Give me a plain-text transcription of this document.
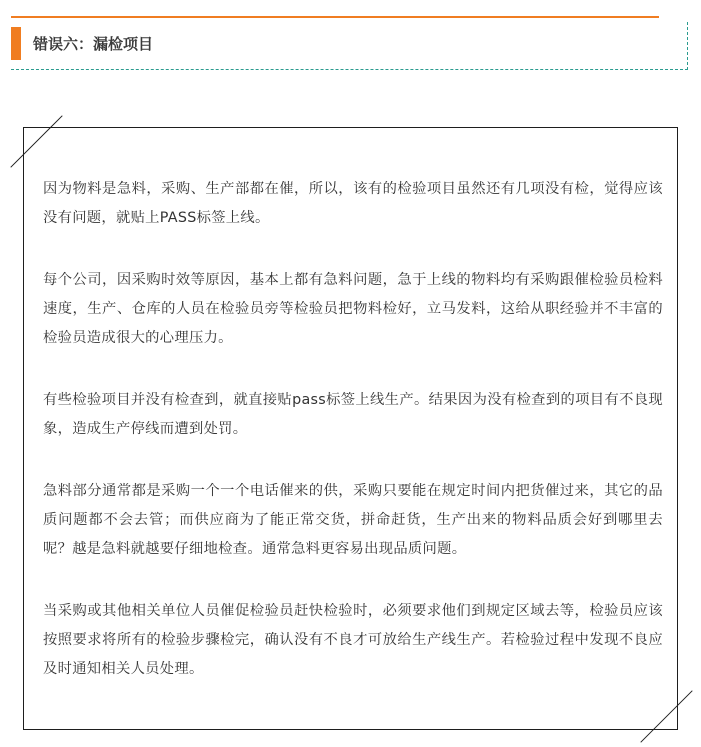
错误六：漏检项目

因为物料是急料，采购、生产部都在催，所以，该有的检验项目虽然还有几项没有检，觉得应该没有问题，就贴上PASS标签上线。

每个公司，因采购时效等原因，基本上都有急料问题，急于上线的物料均有采购跟催检验员检料速度，生产、仓库的人员在检验员旁等检验员把物料检好，立马发料，这给从职经验并不丰富的检验员造成很大的心理压力。

有些检验项目并没有检查到，就直接贴pass标签上线生产。结果因为没有检查到的项目有不良现象，造成生产停线而遭到处罚。

急料部分通常都是采购一个一个电话催来的供，采购只要能在规定时间内把货催过来，其它的品质问题都不会去管；而供应商为了能正常交货，拼命赶货，生产出来的物料品质会好到哪里去呢？越是急料就越要仔细地检查。通常急料更容易出现品质问题。

当采购或其他相关单位人员催促检验员赶快检验时，必须要求他们到规定区域去等，检验员应该按照要求将所有的检验步骤检完，确认没有不良才可放给生产线生产。若检验过程中发现不良应及时通知相关人员处理。
